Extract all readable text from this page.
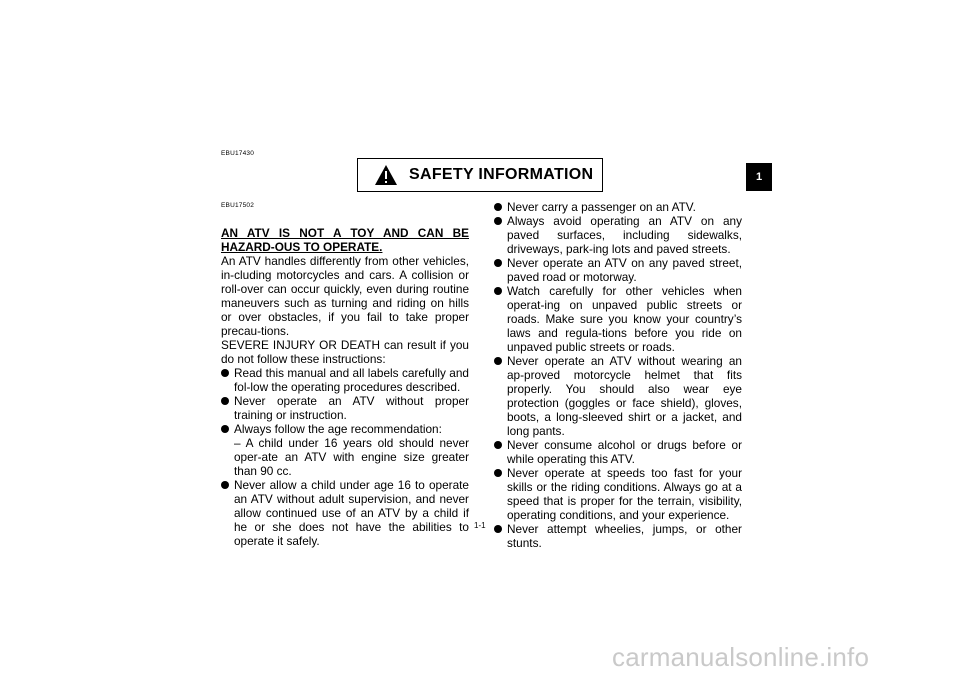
EBU17430
SAFETY INFORMATION	1
EBU17502

AN ATV IS NOT A TOY AND CAN BE HAZARD-OUS TO OPERATE.

An ATV handles differently from other vehicles, in-cluding motorcycles and cars. A collision or roll-over can occur quickly, even during routine maneuvers such as turning and riding on hills or over obstacles, if you fail to take proper precau-tions.

SEVERE INJURY OR DEATH can result if you do not follow these instructions:

Read this manual and all labels carefully and fol-low the operating procedures described.
Never operate an ATV without proper training or instruction.
Always follow the age recommendation:

– A child under 16 years old should never oper-ate an ATV with engine size greater than 90 cc.

Never allow a child under age 16 to operate an ATV without adult supervision, and never allow continued use of an ATV by a child if he or she does not have the abilities to operate it safely.
Never carry a passenger on an ATV.
Always avoid operating an ATV on any paved surfaces, including sidewalks, driveways, park-ing lots and paved streets.
Never operate an ATV on any paved street, paved road or motorway.
Watch carefully for other vehicles when operat-ing on unpaved public streets or roads. Make sure you know your country’s laws and regula-tions before you ride on unpaved public streets or roads.
Never operate an ATV without wearing an ap-proved motorcycle helmet that fits properly. You should also wear eye protection (goggles or face shield), gloves, boots, a long-sleeved shirt or a jacket, and long pants.
Never consume alcohol or drugs before or while operating this ATV.
Never operate at speeds too fast for your skills or the riding conditions. Always go at a speed that is proper for the terrain, visibility, operating conditions, and your experience.
Never attempt wheelies, jumps, or other stunts.
1-1
carmanualsonline.info
